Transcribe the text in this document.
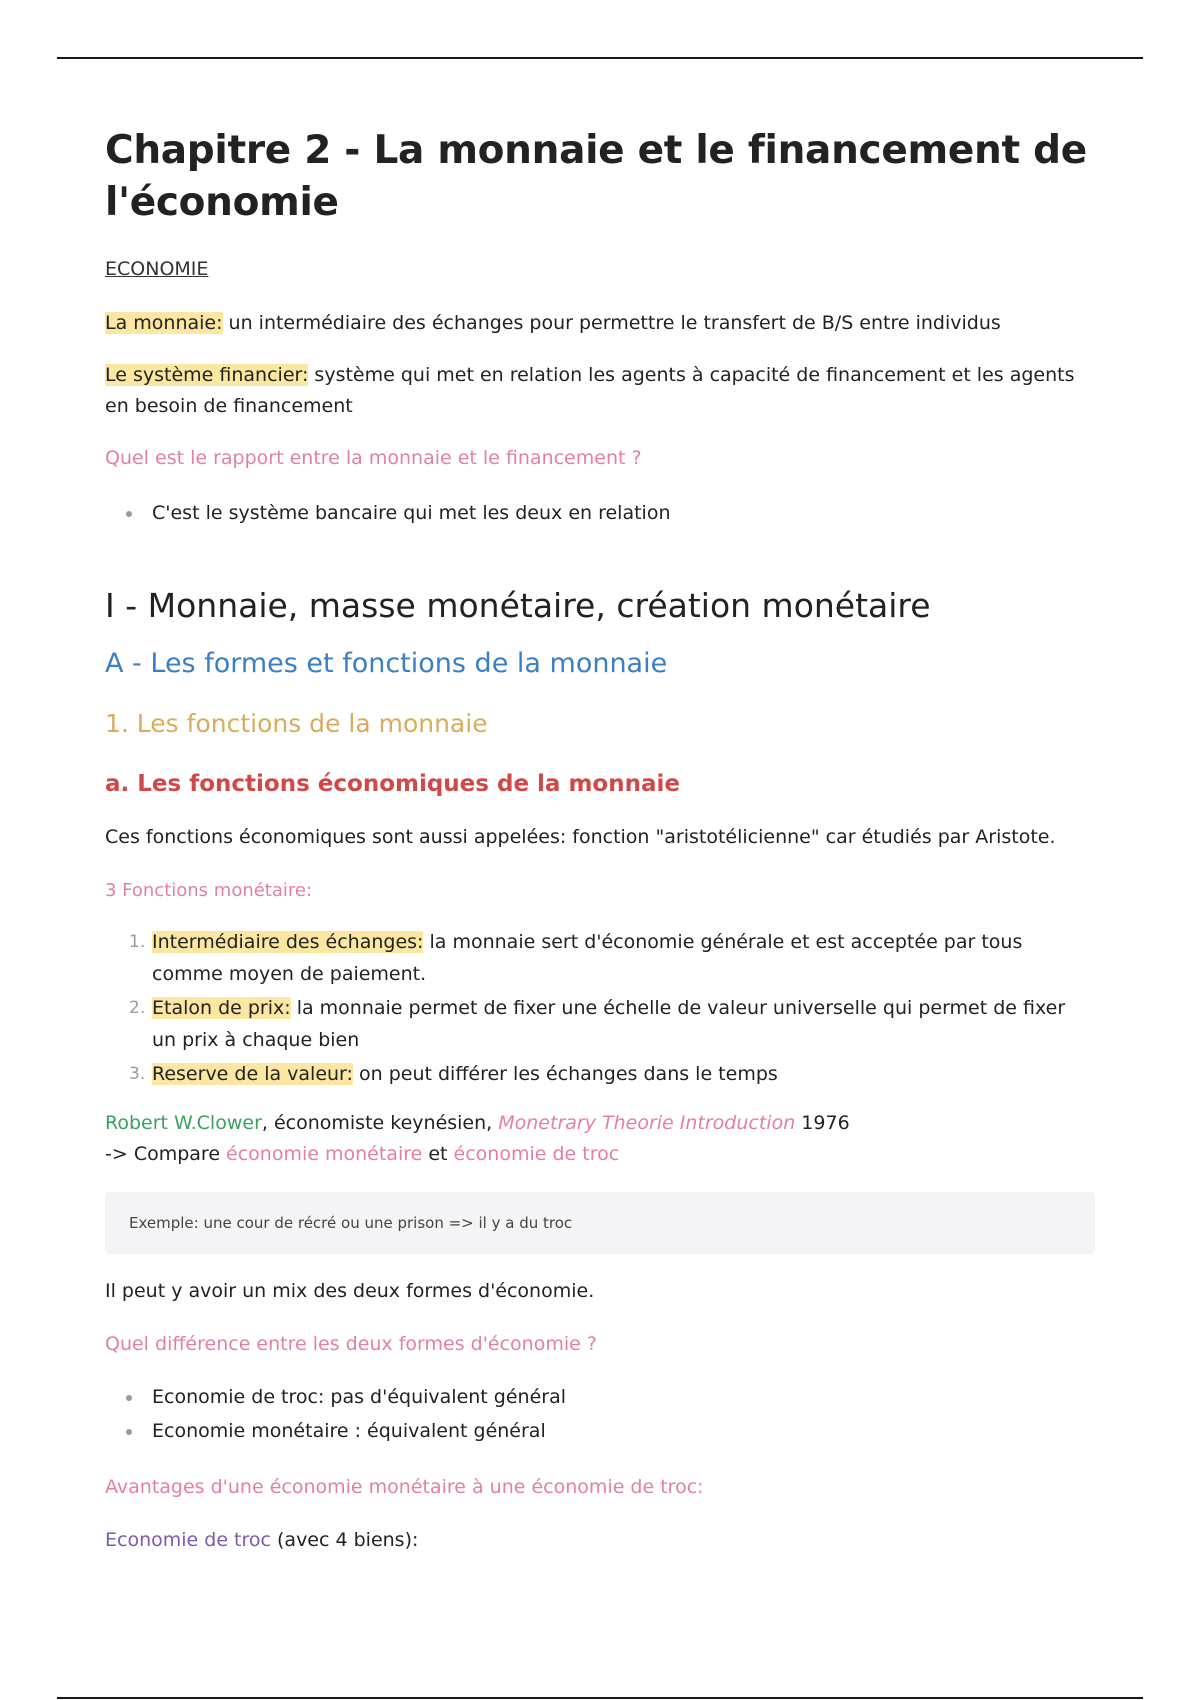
Chapitre 2 - La monnaie et le financement de l'économie
ECONOMIE

La monnaie: un intermédiaire des échanges pour permettre le transfert de B/S entre individus

Le système financier: système qui met en relation les agents à capacité de financement et les agents en besoin de financement

Quel est le rapport entre la monnaie et le financement ?

C'est le système bancaire qui met les deux en relation
I - Monnaie, masse monétaire, création monétaire
A - Les formes et fonctions de la monnaie
1. Les fonctions de la monnaie
a. Les fonctions économiques de la monnaie

Ces fonctions économiques sont aussi appelées: fonction "aristotélicienne" car étudiés par Aristote.

3 Fonctions monétaire:

1. Intermédiaire des échanges: la monnaie sert d'économie générale et est acceptée par tous comme moyen de paiement.
2. Etalon de prix: la monnaie permet de fixer une échelle de valeur universelle qui permet de fixer un prix à chaque bien
3. Reserve de la valeur: on peut différer les échanges dans le temps

Robert W.Clower, économiste keynésien, Monetrary Theorie Introduction 1976
-> Compare économie monétaire et économie de troc

Exemple: une cour de récré ou une prison => il y a du troc

Il peut y avoir un mix des deux formes d'économie.

Quel différence entre les deux formes d'économie ?

Economie de troc: pas d'équivalent général
Economie monétaire : équivalent général

Avantages d'une économie monétaire à une économie de troc:

Economie de troc (avec 4 biens):
